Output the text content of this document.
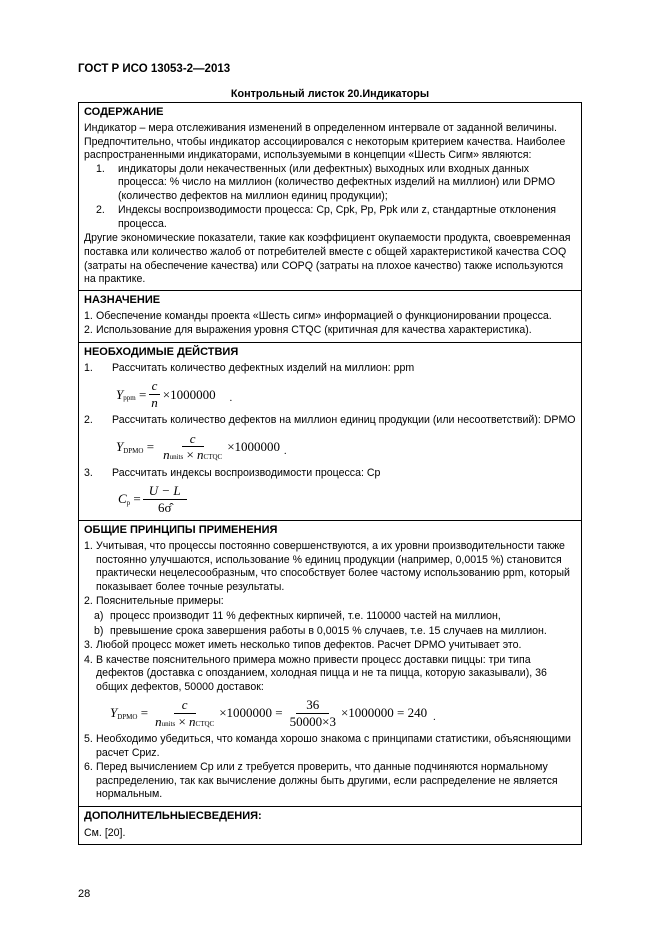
ГОСТ Р ИСО 13053-2—2013
Контрольный листок 20.Индикаторы
СОДЕРЖАНИЕ

Индикатор – мера отслеживания изменений в определенном интервале от заданной величины. Предпочтительно, чтобы индикатор ассоциировался с некоторым критерием качества. Наиболее распространенными индикаторами, используемыми в концепции «Шесть Сигм» являются:

1.	индикаторы доли некачественных (или дефектных) выходных или входных данных процесса: % число на миллион (количество дефектных изделий на миллион) или DPMO (количество дефектов на миллион единиц продукции);
2.	Индексы воспроизводимости процесса: Cp, Cpk, Pp, Ppk или z, стандартные отклонения процесса.

Другие экономические показатели, такие как коэффициент окупаемости продукта, своевременная поставка или количество жалоб от потребителей вместе с общей характеристикой качества COQ (затраты на обеспечение качества) или COPQ (затраты на плохое качество) также используются на практике.

НАЗНАЧЕНИЕ
1. Обеспечение команды проекта «Шесть сигм» информацией о функционировании процесса.
2. Использование для выражения уровня CTQC (критичная для качества характеристика).
НЕОБХОДИМЫЕ ДЕЙСТВИЯ
1.	Рассчитать количество дефектных изделий на миллион: ppm
Y ppm = $\frac{c}{n} \times 1000000$ .
2.	Рассчитать количество дефектов на миллион единиц продукции (или несоответствий): DPMO
Y DPMO = $\frac{c}{\text{nunits × nCTQC}} \times 1000000$ .
3.	Рассчитать индексы воспроизводимости процесса: Cp
C $p = \frac{U - L}{6\sigmâ}$
ОБЩИЕ ПРИНЦИПЫ ПРИМЕНЕНИЯ
1. Учитывая, что процессы постоянно совершенствуются, а их уровни производительности также постоянно улучшаются, использование % единиц продукции (например, 0,0015 %) становится практически нецелесообразным, что способствует более частому использованию ppm, который показывает более точные результаты.
2. Пояснительные примеры:
a) процесс производит 11 % дефектных кирпичей, т.е. 110000 частей на миллион,
b) превышение срока завершения работы в 0,0015 % случаев, т.е. 15 случаев на миллион.
3. Любой процесс может иметь несколько типов дефектов. Расчет DPMO учитывает это.
4. В качестве пояснительного примера можно привести процесс доставки пиццы: три типа дефектов (доставка с опозданием, холодная пицца и не та пицца, которую заказывали), 36 общих дефектов, 50000 доставок:
Y DPMO = $\frac{c}{\text{nunits × nCTQC}} \times 1000000 = \frac{36}{50000\times 3} \times 1000000 = 240$ .
5. Необходимо убедиться, что команда хорошо знакома с принципами статистики, объясняющими расчет Cpиz.
6. Перед вычислением Cp или z требуется проверить, что данные подчиняются нормальному распределению, так как вычисление должны быть другими, если распределение не является нормальным.
ДОПОЛНИТЕЛЬНЫЕСВЕДЕНИЯ:

См. [20].

28
